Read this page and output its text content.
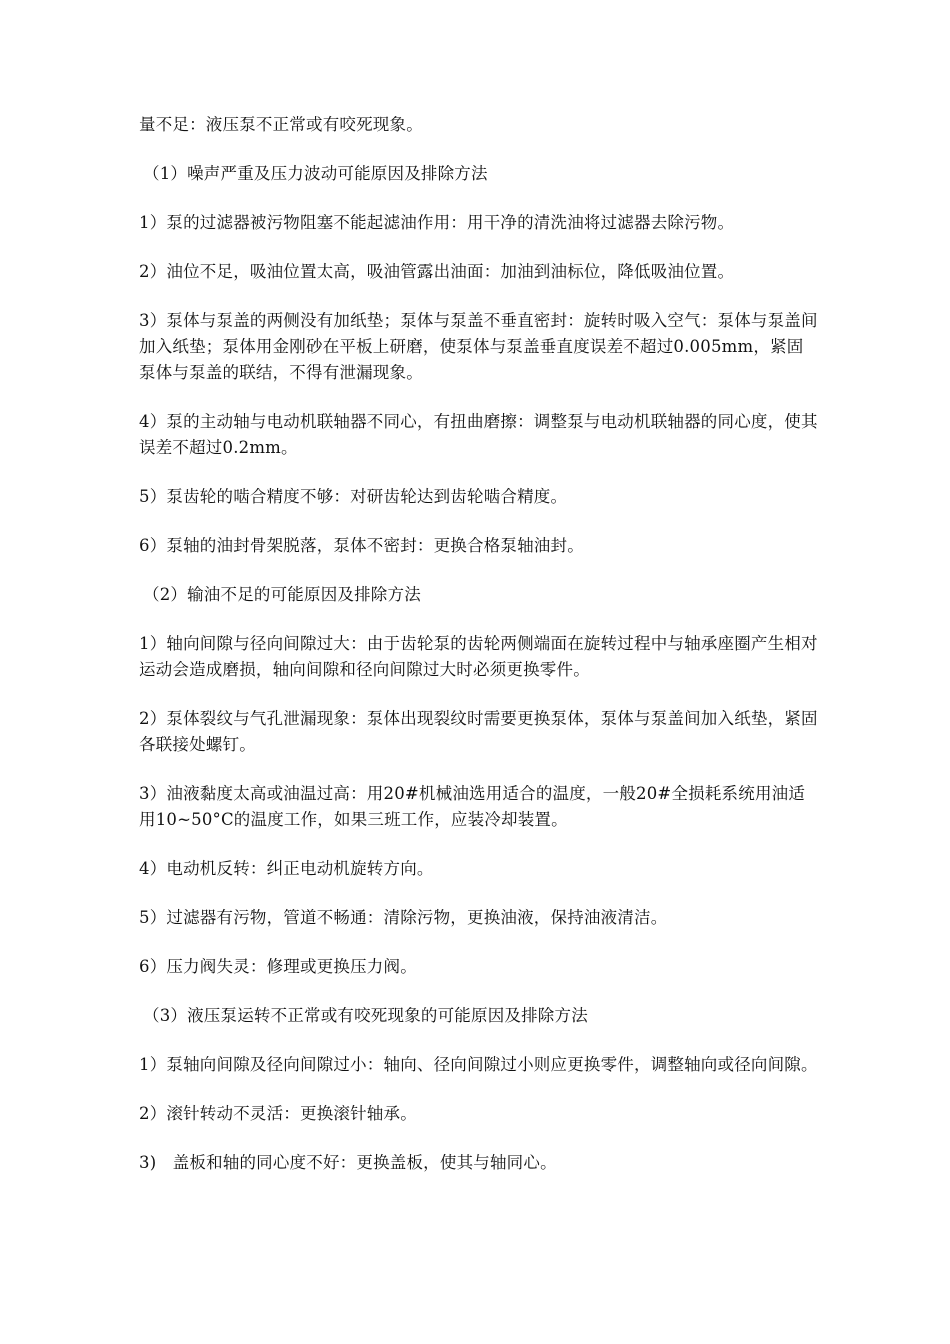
量不足：液压泵不正常或有咬死现象。

（1）噪声严重及压力波动可能原因及排除方法

1）泵的过滤器被污物阻塞不能起滤油作用：用干净的清洗油将过滤器去除污物。

2）油位不足，吸油位置太高，吸油管露出油面：加油到油标位，降低吸油位置。

3）泵体与泵盖的两侧没有加纸垫；泵体与泵盖不垂直密封：旋转时吸入空气：泵体与泵盖间加入纸垫；泵体用金刚砂在平板上研磨，使泵体与泵盖垂直度误差不超过0.005mm，紧固泵体与泵盖的联结，不得有泄漏现象。

4）泵的主动轴与电动机联轴器不同心，有扭曲磨擦：调整泵与电动机联轴器的同心度，使其误差不超过0.2mm。

5）泵齿轮的啮合精度不够：对研齿轮达到齿轮啮合精度。

6）泵轴的油封骨架脱落，泵体不密封：更换合格泵轴油封。

（2）输油不足的可能原因及排除方法

1）轴向间隙与径向间隙过大：由于齿轮泵的齿轮两侧端面在旋转过程中与轴承座圈产生相对运动会造成磨损，轴向间隙和径向间隙过大时必须更换零件。

2）泵体裂纹与气孔泄漏现象：泵体出现裂纹时需要更换泵体，泵体与泵盖间加入纸垫，紧固各联接处螺钉。

3）油液黏度太高或油温过高：用20#机械油选用适合的温度，一般20#全损耗系统用油适用10~50°C的温度工作，如果三班工作，应装冷却装置。

4）电动机反转：纠正电动机旋转方向。

5）过滤器有污物，管道不畅通：清除污物，更换油液，保持油液清洁。

6）压力阀失灵：修理或更换压力阀。

（3）液压泵运转不正常或有咬死现象的可能原因及排除方法

1）泵轴向间隙及径向间隙过小：轴向、径向间隙过小则应更换零件，调整轴向或径向间隙。

2）滚针转动不灵活：更换滚针轴承。

3)   盖板和轴的同心度不好：更换盖板，使其与轴同心。
